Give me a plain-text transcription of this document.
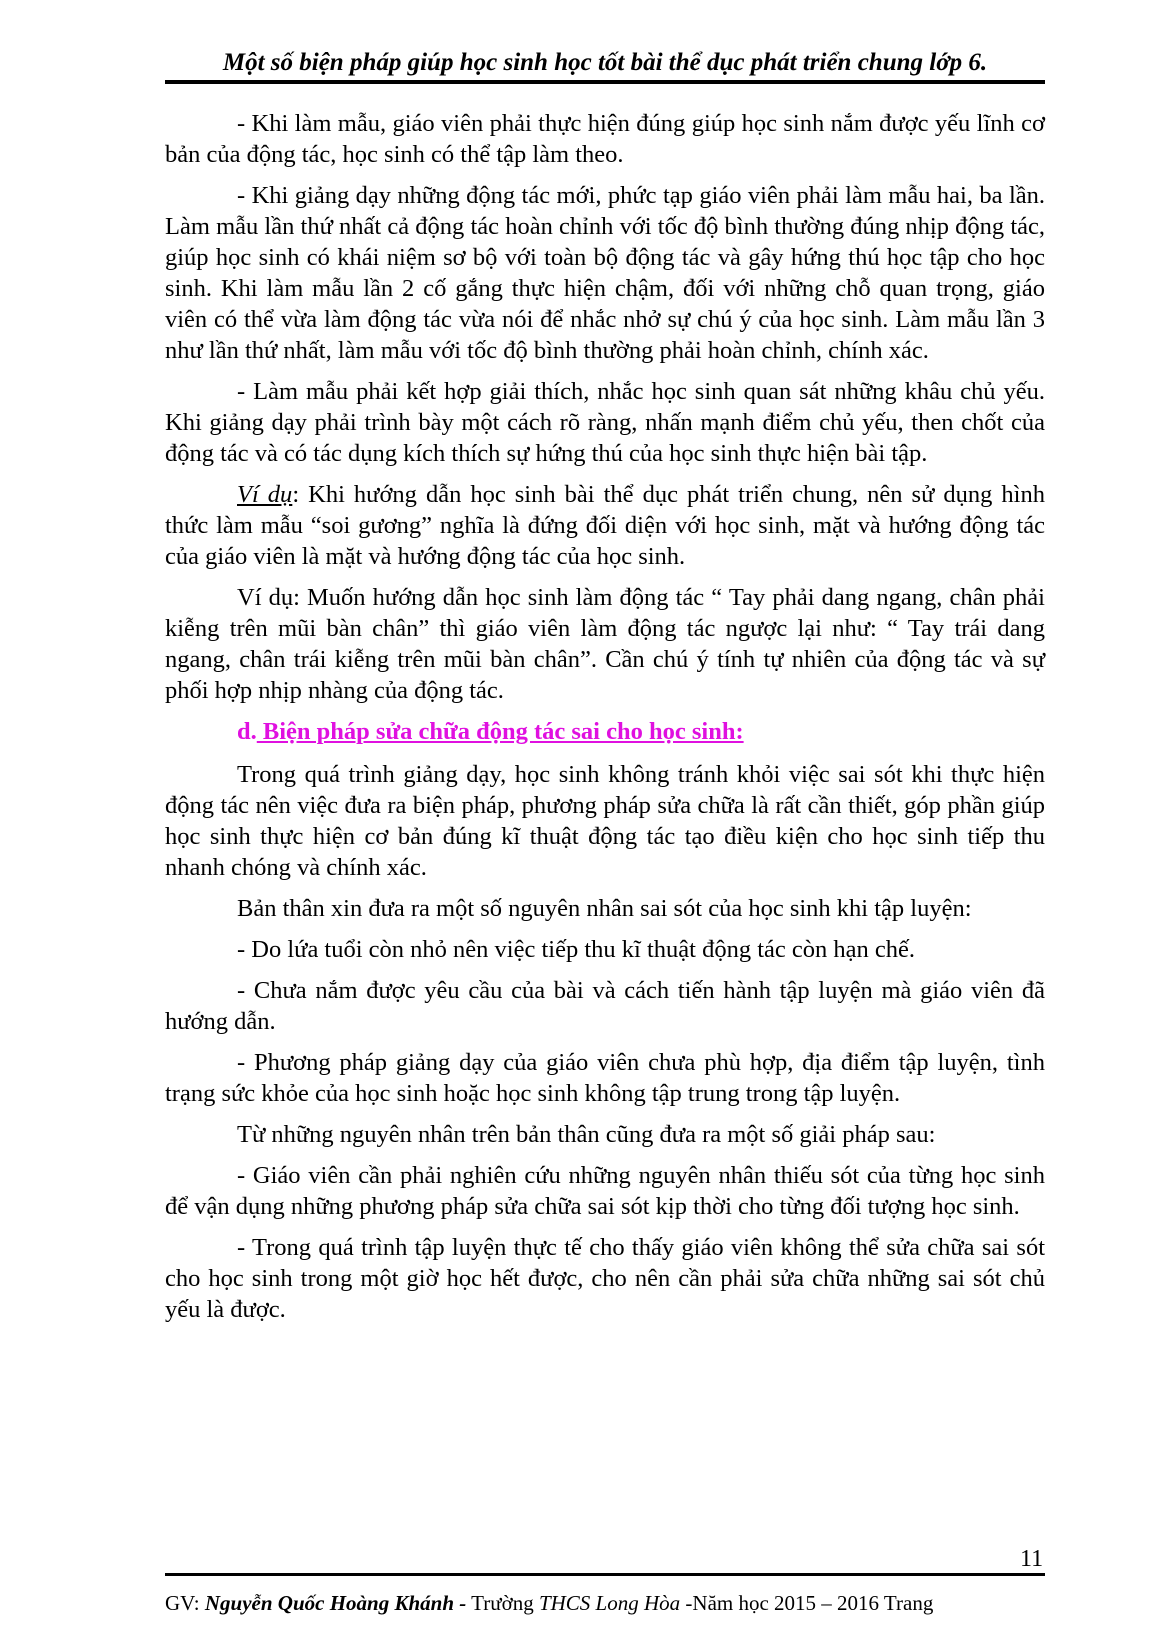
Một số biện pháp giúp học sinh học tốt bài thể dục phát triển chung lớp 6.

- Khi làm mẫu, giáo viên phải thực hiện đúng giúp học sinh nắm được yếu lĩnh cơ bản của động tác, học sinh có thể tập làm theo.

- Khi giảng dạy những động tác mới, phức tạp giáo viên phải làm mẫu hai, ba lần. Làm mẫu lần thứ nhất cả động tác hoàn chỉnh với tốc độ bình thường đúng nhịp động tác, giúp học sinh có khái niệm sơ bộ với toàn bộ động tác và gây hứng thú học tập cho học sinh. Khi làm mẫu lần 2 cố gắng thực hiện chậm, đối với những chỗ quan trọng, giáo viên có thể vừa làm động tác vừa nói để nhắc nhở sự chú ý của học sinh. Làm mẫu lần 3 như lần thứ nhất, làm mẫu với tốc độ bình thường phải hoàn chỉnh, chính xác.

- Làm mẫu phải kết hợp giải thích, nhắc học sinh quan sát những khâu chủ yếu. Khi giảng dạy phải trình bày một cách rõ ràng, nhấn mạnh điểm chủ yếu, then chốt của động tác và có tác dụng kích thích sự hứng thú của học sinh thực hiện bài tập.

Ví dụ: Khi hướng dẫn học sinh bài thể dục phát triển chung, nên sử dụng hình thức làm mẫu “soi gương” nghĩa là đứng đối diện với học sinh, mặt và hướng động tác của giáo viên là mặt và hướng động tác của học sinh.

Ví dụ: Muốn hướng dẫn học sinh làm động tác “ Tay phải dang ngang, chân phải kiễng trên mũi bàn chân” thì giáo viên làm động tác ngược lại như: “ Tay trái dang ngang, chân trái kiễng trên mũi bàn chân”. Cần chú ý tính tự nhiên của động tác và sự phối hợp nhịp nhàng của động tác.

d. Biện pháp sửa chữa động tác sai cho học sinh:

Trong quá trình giảng dạy, học sinh không tránh khỏi việc sai sót khi thực hiện động tác nên việc đưa ra biện pháp, phương pháp sửa chữa là rất cần thiết, góp phần giúp học sinh thực hiện cơ bản đúng kĩ thuật động tác tạo điều kiện cho học sinh tiếp thu nhanh chóng và chính xác.

Bản thân xin đưa ra một số nguyên nhân sai sót của học sinh khi tập luyện:

- Do lứa tuổi còn nhỏ nên việc tiếp thu kĩ thuật động tác còn hạn chế.

- Chưa nắm được yêu cầu của bài và cách tiến hành tập luyện mà giáo viên đã hướng dẫn.

- Phương pháp giảng dạy của giáo viên chưa phù hợp, địa điểm tập luyện, tình trạng sức khỏe của học sinh hoặc học sinh không tập trung trong tập luyện.

Từ những nguyên nhân trên bản thân cũng đưa ra một số giải pháp sau:

- Giáo viên cần phải nghiên cứu những nguyên nhân thiếu sót của từng học sinh để vận dụng những phương pháp sửa chữa sai sót kịp thời cho từng đối tượng học sinh.

- Trong quá trình tập luyện thực tế cho thấy giáo viên không thể sửa chữa sai sót cho học sinh trong một giờ học hết được, cho nên cần phải sửa chữa những sai sót chủ yếu là được.

11
GV: Nguyễn Quốc Hoàng Khánh - Trường THCS Long Hòa -Năm học 2015 – 2016 Trang
